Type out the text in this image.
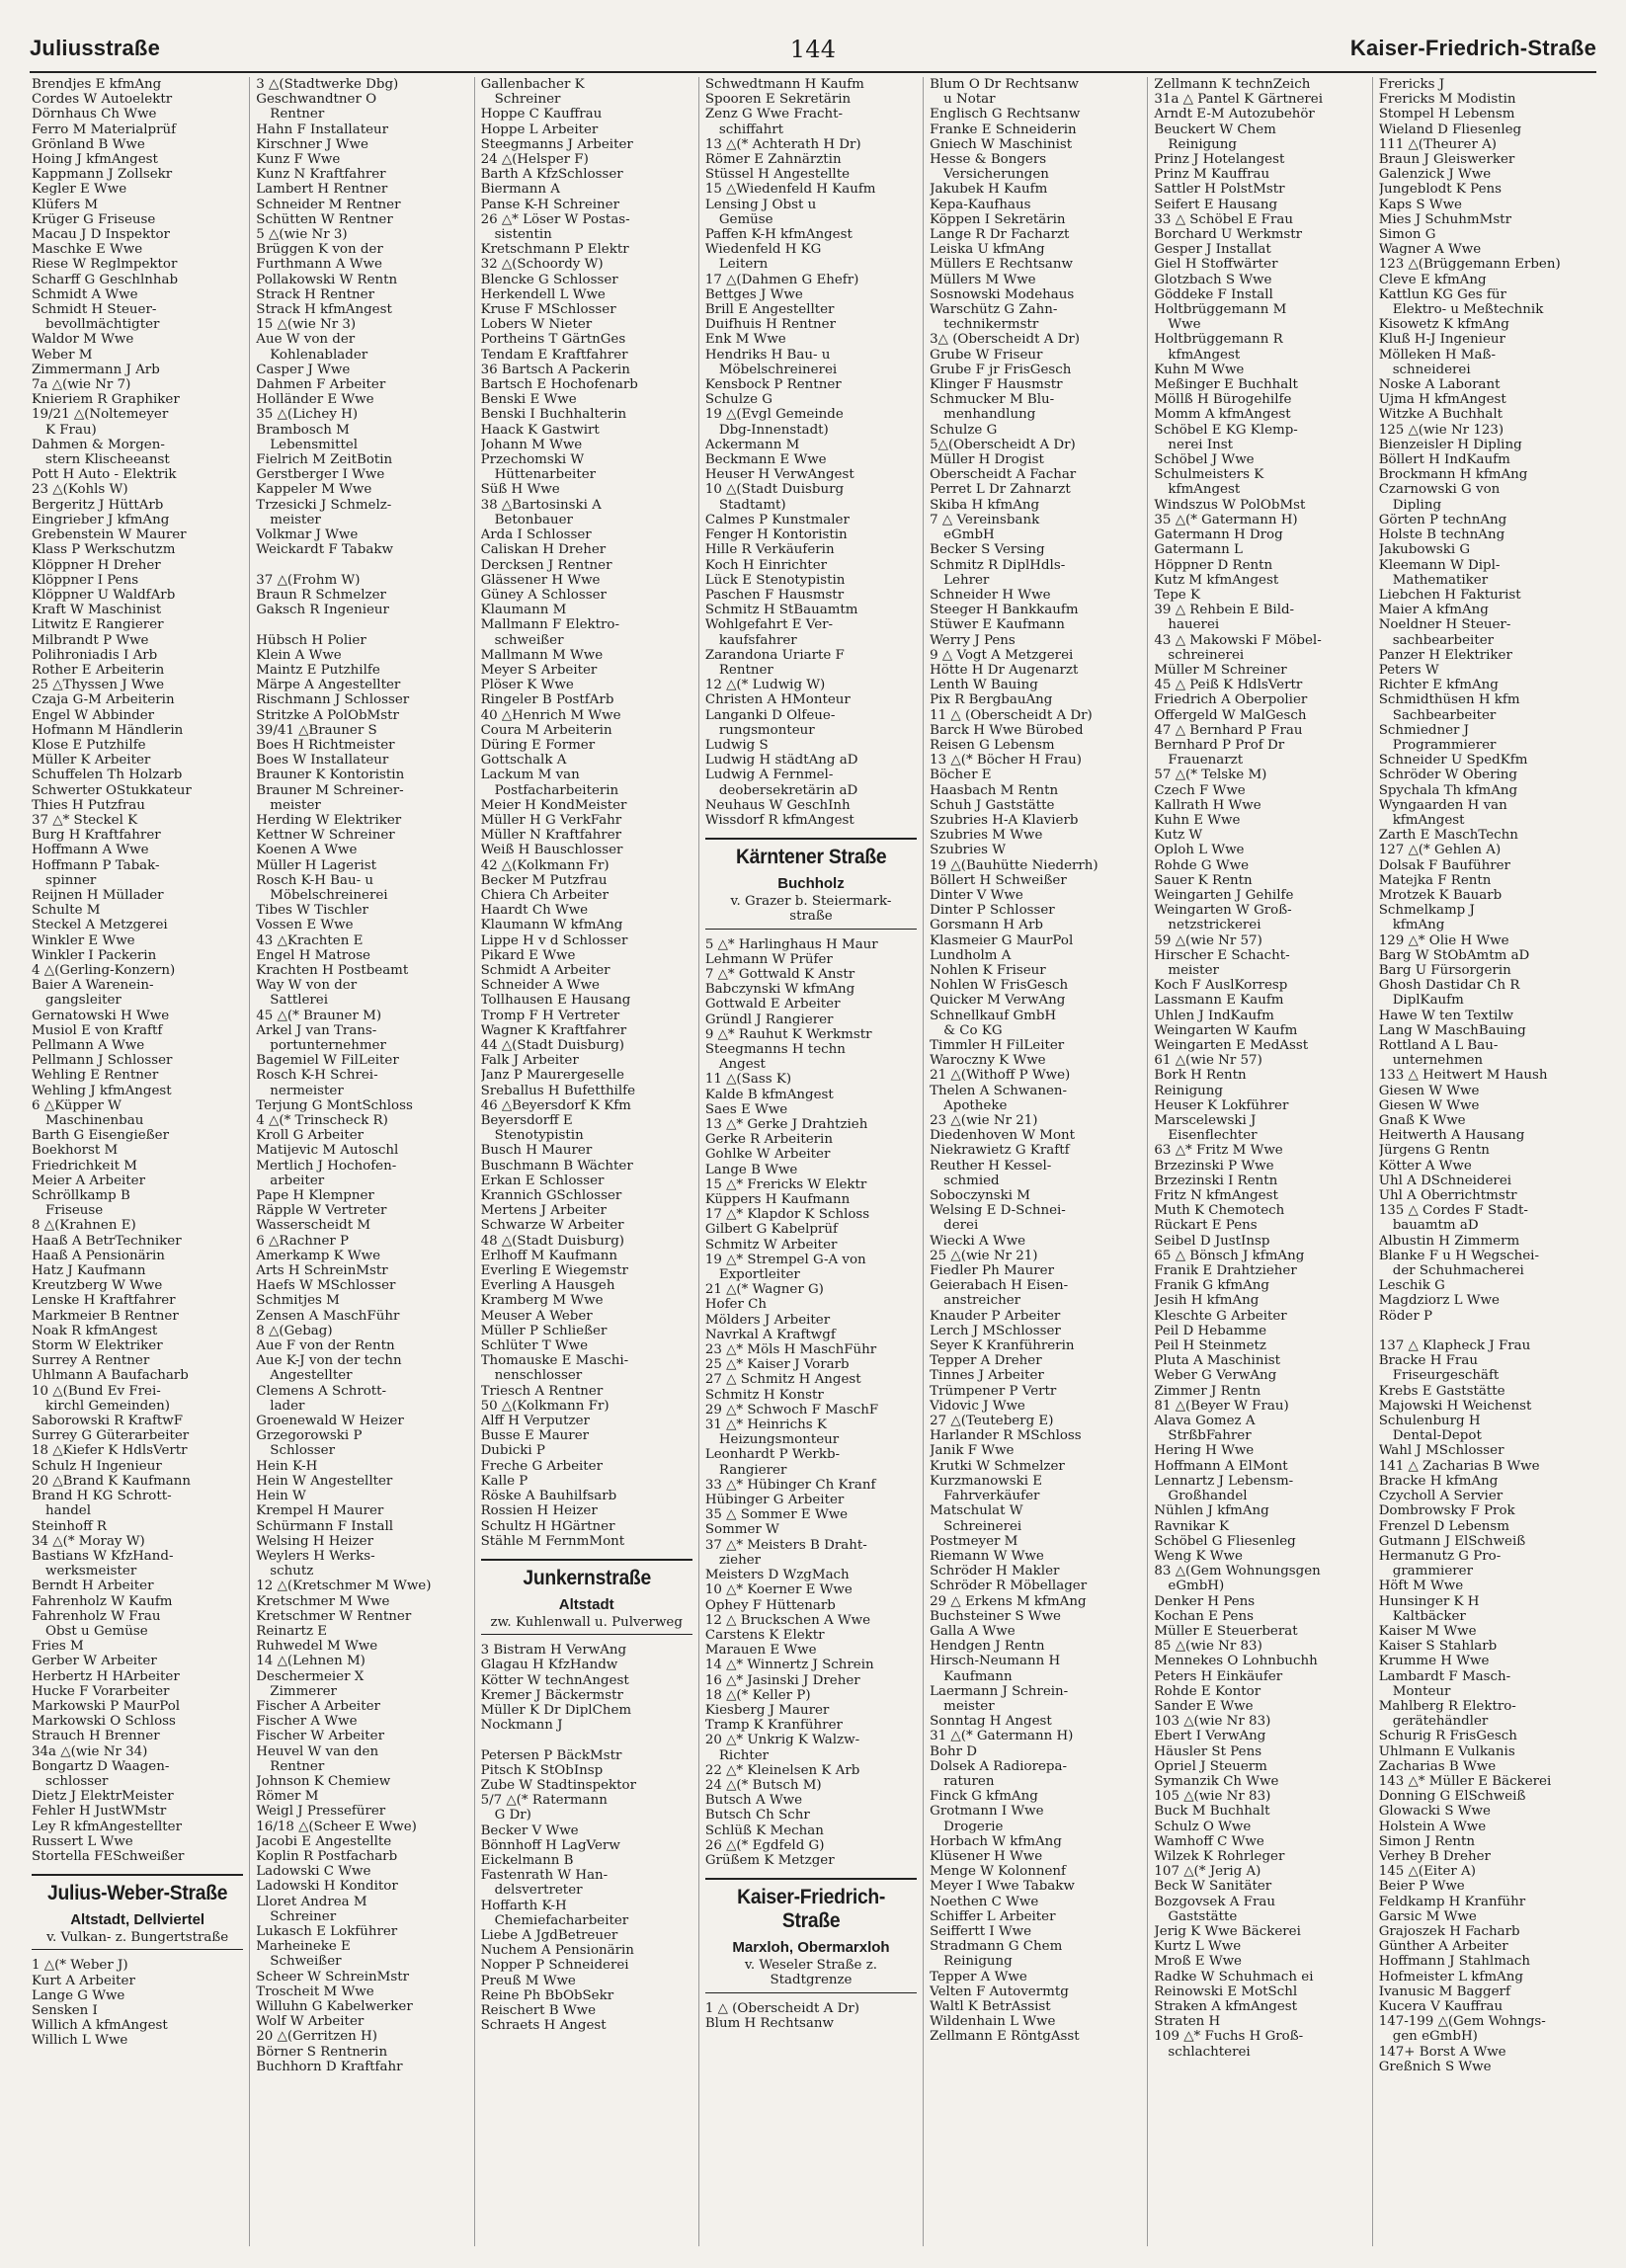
Juliusstraße	144	Kaiser-Friedrich-Straße
Brendjes E kfmAng
Cordes W Autoelektr
Dörnhaus Ch Wwe
Ferro M Materialprüf
Grönland B Wwe
Hoing J kfmAngest
Kappmann J Zollsekr
Kegler E Wwe
Klüfers M
Krüger G Friseuse
Macau J D Inspektor
Maschke E Wwe
Riese W Reglmpektor
Scharff G Geschlnhab
Schmidt A Wwe
Schmidt H Steuer-
bevollmächtigter
Waldor M Wwe
Weber M
Zimmermann J Arb
7a △(wie Nr 7)
Knieriem R Graphiker
19/21 △(Noltemeyer
K Frau)
Dahmen & Morgen-
stern Klischeeanst
Pott H Auto - Elektrik
23 △(Kohls W)
Bergeritz J HüttArb
Eingrieber J kfmAng
Grebenstein W Maurer
Klass P Werkschutzm
Klöppner H Dreher
Klöppner I Pens
Klöppner U WaldfArb
Kraft W Maschinist
Litwitz E Rangierer
Milbrandt P Wwe
Polihroniadis I Arb
Rother E Arbeiterin
25 △Thyssen J Wwe
Czaja G-M Arbeiterin
Engel W Abbinder
Hofmann M Händlerin
Klose E Putzhilfe
Müller K Arbeiter
Schuffelen Th Holzarb
Schwerter OStukkateur
Thies H Putzfrau
37 △* Steckel K
Burg H Kraftfahrer
Hoffmann A Wwe
Hoffmann P Tabak-
spinner
Reijnen H Müllader
Schulte M
Steckel A Metzgerei
Winkler E Wwe
Winkler I Packerin
4 △(Gerling-Konzern)
Baier A Warenein-
gangsleiter
Gernatowski H Wwe
Musiol E von Kraftf
Pellmann A Wwe
Pellmann J Schlosser
Wehling E Rentner
Wehling J kfmAngest
6 △Küpper W
Maschinenbau
Barth G Eisengießer
Boekhorst M
Friedrichkeit M
Meier A Arbeiter
Schröllkamp B
Friseuse
8 △(Krahnen E)
Haaß A BetrTechniker
Haaß A Pensionärin
Hatz J Kaufmann
Kreutzberg W Wwe
Lenske H Kraftfahrer
Markmeier B Rentner
Noak R kfmAngest
Storm W Elektriker
Surrey A Rentner
Uhlmann A Baufacharb
10 △(Bund Ev Frei-
kirchl Gemeinden)
Saborowski R KraftwF
Surrey G Güterarbeiter
18 △Kiefer K HdlsVertr
Schulz H Ingenieur
20 △Brand K Kaufmann
Brand H KG Schrott-
handel
Steinhoff R
34 △(* Moray W)
Bastians W KfzHand-
werksmeister
Berndt H Arbeiter
Fahrenholz W Kaufm
Fahrenholz W Frau
Obst u Gemüse
Fries M
Gerber W Arbeiter
Herbertz H HArbeiter
Hucke F Vorarbeiter
Markowski P MaurPol
Markowski O Schloss
Strauch H Brenner
34a △(wie Nr 34)
Bongartz D Waagen-
schlosser
Dietz J ElektrMeister
Fehler H JustWMstr
Ley R kfmAngestellter
Russert L Wwe
Stortella FESchweißer
Julius-Weber-Straße
Altstadt, Dellviertel
v. Vulkan- z. Bungertstraße
1 △(* Weber J)
Kurt A Arbeiter
Lange G Wwe
Sensken I
Willich A kfmAngest
Willich L Wwe
3 △(Stadtwerke Dbg)
Geschwandtner O
Rentner
Hahn F Installateur
Kirschner J Wwe
Kunz F Wwe
Kunz N Kraftfahrer
Lambert H Rentner
Schneider M Rentner
Schütten W Rentner
5 △(wie Nr 3)
Brüggen K von der
Furthmann A Wwe
Pollakowski W Rentn
Strack H Rentner
Strack H kfmAngest
15 △(wie Nr 3)
Aue W von der
Kohlenablader
Casper J Wwe
Dahmen F Arbeiter
Holländer E Wwe
35 △(Lichey H)
Brambosch M
Lebensmittel
Fielrich M ZeitBotin
Gerstberger I Wwe
Kappeler M Wwe
Trzesicki J Schmelz-
meister
Volkmar J Wwe
Weickardt F Tabakw

37 △(Frohm W)
Braun R Schmelzer
Gaksch R Ingenieur

Hübsch H Polier
Klein A Wwe
Maintz E Putzhilfe
Märpe A Angestellter
Rischmann J Schlosser
Stritzke A PolObMstr
39/41 △Brauner S
Boes H Richtmeister
Boes W Installateur
Brauner K Kontoristin
Brauner M Schreiner-
meister
Herding W Elektriker
Kettner W Schreiner
Koenen A Wwe
Müller H Lagerist
Rosch K-H Bau- u
Möbelschreinerei
Tibes W Tischler
Vossen E Wwe
43 △Krachten E
Engel H Matrose
Krachten H Postbeamt
Way W von der
Sattlerei
45 △(* Brauner M)
Arkel J van Trans-
portunternehmer
Bagemiel W FilLeiter
Rosch K-H Schrei-
nermeister
Terjung G MontSchloss
4 △(* Trinscheck R)
Kroll G Arbeiter
Matijevic M Autoschl
Mertlich J Hochofen-
arbeiter
Pape H Klempner
Räpple W Vertreter
Wasserscheidt M
6 △Rachner P
Amerkamp K Wwe
Arts H SchreinMstr
Haefs W MSchlosser
Schmitjes M
Zensen A MaschFühr
8 △(Gebag)
Aue F von der Rentn
Aue K-J von der techn
Angestellter
Clemens A Schrott-
lader
Groenewald W Heizer
Grzegorowski P
Schlosser
Hein K-H
Hein W Angestellter
Hein W
Krempel H Maurer
Schürmann F Install
Welsing H Heizer
Weylers H Werks-
schutz
12 △(Kretschmer M Wwe)
Kretschmer M Wwe
Kretschmer W Rentner
Reinartz E
Ruhwedel M Wwe
14 △(Lehnen M)
Deschermeier X
Zimmerer
Fischer A Arbeiter
Fischer A Wwe
Fischer W Arbeiter
Heuvel W van den
Rentner
Johnson K Chemiew
Römer M
Weigl J Pressefürer
16/18 △(Scheer E Wwe)
Jacobi E Angestellte
Koplin R Postfacharb
Ladowski C Wwe
Ladowski H Konditor
Lloret Andrea M
Schreiner
Lukasch E Lokführer
Marheineke E
Schweißer
Scheer W SchreinMstr
Troscheit M Wwe
Willuhn G Kabelwerker
Wolf W Arbeiter
20 △(Gerritzen H)
Börner S Rentnerin
Buchhorn D Kraftfahr
Gallenbacher K
Schreiner
Hoppe C Kauffrau
Hoppe L Arbeiter
Steegmanns J Arbeiter
24 △(Helsper F)
Barth A KfzSchlosser
Biermann A
Panse K-H Schreiner
26 △* Löser W Postas-
sistentin
Kretschmann P Elektr
32 △(Schoordy W)
Blencke G Schlosser
Herkendell L Wwe
Kruse F MSchlosser
Lobers W Nieter
Portheins T GärtnGes
Tendam E Kraftfahrer
36 Bartsch A Packerin
Bartsch E Hochofenarb
Benski E Wwe
Benski I Buchhalterin
Haack K Gastwirt
Johann M Wwe
Przechomski W
Hüttenarbeiter
Süß H Wwe
38 △Bartosinski A
Betonbauer
Arda I Schlosser
Caliskan H Dreher
Dercksen J Rentner
Glässener H Wwe
Güney A Schlosser
Klaumann M
Mallmann F Elektro-
schweißer
Mallmann M Wwe
Meyer S Arbeiter
Plöser K Wwe
Ringeler B PostfArb
40 △Henrich M Wwe
Coura M Arbeiterin
Düring E Former
Gottschalk A
Lackum M van
Postfacharbeiterin
Meier H KondMeister
Müller H G VerkFahr
Müller N Kraftfahrer
Weiß H Bauschlosser
42 △(Kolkmann Fr)
Becker M Putzfrau
Chiera Ch Arbeiter
Haardt Ch Wwe
Klaumann W kfmAng
Lippe H v d Schlosser
Pikard E Wwe
Schmidt A Arbeiter
Schneider A Wwe
Tollhausen E Hausang
Tromp F H Vertreter
Wagner K Kraftfahrer
44 △(Stadt Duisburg)
Falk J Arbeiter
Janz P Maurergeselle
Sreballus H Bufetthilfe
46 △Beyersdorf K Kfm
Beyersdorff E
Stenotypistin
Busch H Maurer
Buschmann B Wächter
Erkan E Schlosser
Krannich GSchlosser
Mertens J Arbeiter
Schwarze W Arbeiter
48 △(Stadt Duisburg)
Erlhoff M Kaufmann
Everling E Wiegemstr
Everling A Hausgeh
Kramberg M Wwe
Meuser A Weber
Müller P Schließer
Schlüter T Wwe
Thomauske E Maschi-
nenschlosser
Triesch A Rentner
50 △(Kolkmann Fr)
Alff H Verputzer
Busse E Maurer
Dubicki P
Freche G Arbeiter
Kalle P
Röske A Bauhilfsarb
Rossien H Heizer
Schultz H HGärtner
Stähle M FernmMont
Junkernstraße
Altstadt
zw. Kuhlenwall u. Pulverweg
3 Bistram H VerwAng
Glagau H KfzHandw
Kötter W technAngest
Kremer J Bäckermstr
Müller K Dr DiplChem
Nockmann J

Petersen P BäckMstr
Pitsch K StObInsp
Zube W Stadtinspektor
5/7 △(* Ratermann
G Dr)
Becker V Wwe
Bönnhoff H LagVerw
Eickelmann B
Fastenrath W Han-
delsvertreter
Hoffarth K-H
Chemiefacharbeiter
Liebe A JgdBetreuer
Nuchem A Pensionärin
Nopper P Schneiderei
Preuß M Wwe
Reine Ph BbObSekr
Reischert B Wwe
Schraets H Angest
Schwedtmann H Kaufm
Spooren E Sekretärin
Zenz G Wwe Fracht-
schiffahrt
13 △(* Achterath H Dr)
Römer E Zahnärztin
Stüssel H Angestellte
15 △Wiedenfeld H Kaufm
Lensing J Obst u
Gemüse
Paffen K-H kfmAngest
Wiedenfeld H KG
Leitern
17 △(Dahmen G Ehefr)
Bettges J Wwe
Brill E Angestellter
Duifhuis H Rentner
Enk M Wwe
Hendriks H Bau- u
Möbelschreinerei
Kensbock P Rentner
Schulze G
19 △(Evgl Gemeinde
Dbg-Innenstadt)
Ackermann M
Beckmann E Wwe
Heuser H VerwAngest
10 △(Stadt Duisburg
Stadtamt)
Calmes P Kunstmaler
Fenger H Kontoristin
Hille R Verkäuferin
Koch H Einrichter
Lück E Stenotypistin
Paschen F Hausmstr
Schmitz H StBauamtm
Wohlgefahrt E Ver-
kaufsfahrer
Zarandona Uriarte F
Rentner
12 △(* Ludwig W)
Christen A HMonteur
Langanki D Ölfeue-
rungsmonteur
Ludwig S
Ludwig H städtAng aD
Ludwig A Fernmel-
deobersekretärin aD
Neuhaus W GeschInh
Wissdorf R kfmAngest
Kärntener Straße
Buchholz
v. Grazer b. Steiermark-
straße
5 △* Harlinghaus H Maur
Lehmann W Prüfer
7 △* Gottwald K Anstr
Babczynski W kfmAng
Gottwald E Arbeiter
Gründl J Rangierer
9 △* Rauhut K Werkmstr
Steegmanns H techn
Angest
11 △(Sass K)
Kalde B kfmAngest
Saes E Wwe
13 △* Gerke J Drahtzieh
Gerke R Arbeiterin
Gohlke W Arbeiter
Lange B Wwe
15 △* Frericks W Elektr
Küppers H Kaufmann
17 △* Klapdor K Schloss
Gilbert G Kabelprüf
Schmitz W Arbeiter
19 △* Strempel G-A von
Exportleiter
21 △(* Wagner G)
Hofer Ch
Mölders J Arbeiter
Navrkal A Kraftwgf
23 △* Möls H MaschFühr
25 △* Kaiser J Vorarb
27 △ Schmitz H Angest
Schmitz H Konstr
29 △* Schwoch F MaschF
31 △* Heinrichs K
Heizungsmonteur
Leonhardt P Werkb-
Rangierer
33 △* Hübinger Ch Kranf
Hübinger G Arbeiter
35 △ Sommer E Wwe
Sommer W
37 △* Meisters B Draht-
zieher
Meisters D WzgMach
10 △* Koerner E Wwe
Ophey F Hüttenarb
12 △ Bruckschen A Wwe
Carstens K Elektr
Marauen E Wwe
14 △* Winnertz J Schrein
16 △* Jasinski J Dreher
18 △(* Keller P)
Kiesberg J Maurer
Tramp K Kranführer
20 △* Unkrig K Walzw-
Richter
22 △* Kleinelsen K Arb
24 △(* Butsch M)
Butsch A Wwe
Butsch Ch Schr
Schlüß K Mechan
26 △(* Egdfeld G)
Grüßem K Metzger
Kaiser-Friedrich-Straße
Marxloh, Obermarxloh
v. Weseler Straße z.
Stadtgrenze
1 △ (Oberscheidt A Dr)
Blum H Rechtsanw
Blum O Dr Rechtsanw
u Notar
Englisch G Rechtsanw
Franke E Schneiderin
Gniech W Maschinist
Hesse & Bongers
Versicherungen
Jakubek H Kaufm
Kepa-Kaufhaus
Köppen I Sekretärin
Lange R Dr Facharzt
Leiska U kfmAng
Müllers E Rechtsanw
Müllers M Wwe
Sosnowski Modehaus
Warschütz G Zahn-
technikermstr
3△ (Oberscheidt A Dr)
Grube W Friseur
Grube F jr FrisGesch
Klinger F Hausmstr
Schmucker M Blu-
menhandlung
Schulze G
5△(Oberscheidt A Dr)
Müller H Drogist
Oberscheidt A Fachar
Perret L Dr Zahnarzt
Skiba H kfmAng
7 △ Vereinsbank
eGmbH
Becker S Versing
Schmitz R DiplHdls-
Lehrer
Schneider H Wwe
Steeger H Bankkaufm
Stüwer E Kaufmann
Werry J Pens
9 △ Vogt A Metzgerei
Hötte H Dr Augenarzt
Lenth W Bauing
Pix R BergbauAng
11 △ (Oberscheidt A Dr)
Barck H Wwe Bürobed
Reisen G Lebensm
13 △(* Böcher H Frau)
Böcher E
Haasbach M Rentn
Schuh J Gaststätte
Szubries H-A Klavierb
Szubries M Wwe
Szubries W
19 △(Bauhütte Niederrh)
Böllert H Schweißer
Dinter V Wwe
Dinter P Schlosser
Gorsmann H Arb
Klasmeier G MaurPol
Lundholm A
Nohlen K Friseur
Nohlen W FrisGesch
Quicker M VerwAng
Schnellkauf GmbH
& Co KG
Timmler H FilLeiter
Waroczny K Wwe
21 △(Withoff P Wwe)
Thelen A Schwanen-
Apotheke
23 △(wie Nr 21)
Diedenhoven W Mont
Niekrawietz G Kraftf
Reuther H Kessel-
schmied
Soboczynski M
Welsing E D-Schnei-
derei
Wiecki A Wwe
25 △(wie Nr 21)
Fiedler Ph Maurer
Geierabach H Eisen-
anstreicher
Knauder P Arbeiter
Lerch J MSchlosser
Seyer K Kranführerin
Tepper A Dreher
Tinnes J Arbeiter
Trümpener P Vertr
Vidovic J Wwe
27 △(Teuteberg E)
Harlander R MSchloss
Janik F Wwe
Krutki W Schmelzer
Kurzmanowski E
Fahrverkäufer
Matschulat W
Schreinerei
Postmeyer M
Riemann W Wwe
Schröder H Makler
Schröder R Möbellager
29 △ Erkens M kfmAng
Buchsteiner S Wwe
Galla A Wwe
Hendgen J Rentn
Hirsch-Neumann H
Kaufmann
Laermann J Schrein-
meister
Sonntag H Angest
31 △(* Gatermann H)
Bohr D
Dolsek A Radiorepa-
raturen
Finck G kfmAng
Grotmann I Wwe
Drogerie
Horbach W kfmAng
Klüsener H Wwe
Menge W Kolonnenf
Meyer I Wwe Tabakw
Noethen C Wwe
Schiffer L Arbeiter
Seiffertt I Wwe
Stradmann G Chem
Reinigung
Tepper A Wwe
Velten F Autovermtg
Waltl K BetrAssist
Wildenhain L Wwe
Zellmann E RöntgAsst
Zellmann K technZeich
31a △ Pantel K Gärtnerei
Arndt E-M Autozubehör
Beuckert W Chem
Reinigung
Prinz J Hotelangest
Prinz M Kauffrau
Sattler H PolstMstr
Seifert E Hausang
33 △ Schöbel E Frau
Borchard U Werkmstr
Gesper J Installat
Giel H Stoffwärter
Glotzbach S Wwe
Göddeke F Install
Holtbrüggemann M
Wwe
Holtbrüggemann R
kfmAngest
Kuhn M Wwe
Meßinger E Buchhalt
Möllß H Bürogehilfe
Momm A kfmAngest
Schöbel E KG Klemp-
nerei Inst
Schöbel J Wwe
Schulmeisters K
kfmAngest
Windszus W PolObMst
35 △(* Gatermann H)
Gatermann H Drog
Gatermann L
Höppner D Rentn
Kutz M kfmAngest
Tepe K
39 △ Rehbein E Bild-
hauerei
43 △ Makowski F Möbel-
schreinerei
Müller M Schreiner
45 △ Peiß K HdlsVertr
Friedrich A Oberpolier
Offergeld W MalGesch
47 △ Bernhard P Frau
Bernhard P Prof Dr
Frauenarzt
57 △(* Telske M)
Czech F Wwe
Kallrath H Wwe
Kuhn E Wwe
Kutz W
Oploh L Wwe
Rohde G Wwe
Sauer K Rentn
Weingarten J Gehilfe
Weingarten W Groß-
netzstrickerei
59 △(wie Nr 57)
Hirscher E Schacht-
meister
Koch F AuslKorresp
Lassmann E Kaufm
Uhlen J IndKaufm
Weingarten W Kaufm
Weingarten E MedAsst
61 △(wie Nr 57)
Bork H Rentn
Reinigung
Heuser K Lokführer
Marscelewski J
Eisenflechter
63 △* Fritz M Wwe
Brzezinski P Wwe
Brzezinski I Rentn
Fritz N kfmAngest
Muth K Chemotech
Rückart E Pens
Seibel D JustInsp
65 △ Bönsch J kfmAng
Franik E Drahtzieher
Franik G kfmAng
Jesih H kfmAng
Kleschte G Arbeiter
Peil D Hebamme
Peil H Steinmetz
Pluta A Maschinist
Weber G VerwAng
Zimmer J Rentn
81 △(Beyer W Frau)
Alava Gomez A
StrßbFahrer
Hering H Wwe
Hoffmann A ElMont
Lennartz J Lebensm-
Großhandel
Nühlen J kfmAng
Ravnikar K
Schöbel G Fliesenleg
Weng K Wwe
83 △(Gem Wohnungsgen
eGmbH)
Denker H Pens
Kochan E Pens
Müller E Steuerberat
85 △(wie Nr 83)
Mennekes O Lohnbuchh
Peters H Einkäufer
Rohde E Kontor
Sander E Wwe
103 △(wie Nr 83)
Ebert I VerwAng
Häusler St Pens
Opriel J Steuerm
Symanzik Ch Wwe
105 △(wie Nr 83)
Buck M Buchhalt
Schulz O Wwe
Wamhoff C Wwe
Wilzek K Rohrleger
107 △(* Jerig A)
Beck W Sanitäter
Bozgovsek A Frau
Gaststätte
Jerig K Wwe Bäckerei
Kurtz L Wwe
Mroß E Wwe
Radke W Schuhmach ei
Reinowski E MotSchl
Straken A kfmAngest
Straten H
109 △* Fuchs H Groß-
schlachterei
Frericks J
Frericks M Modistin
Stompel H Lebensm
Wieland D Fliesenleg
111 △(Theurer A)
Braun J Gleiswerker
Galenzick J Wwe
Jungeblodt K Pens
Kaps S Wwe
Mies J SchuhmMstr
Simon G
Wagner A Wwe
123 △(Brüggemann Erben)
Cleve E kfmAng
Kattlun KG Ges für
Elektro- u Meßtechnik
Kisowetz K kfmAng
Kluß H-J Ingenieur
Mölleken H Maß-
schneiderei
Noske A Laborant
Ujma H kfmAngest
Witzke A Buchhalt
125 △(wie Nr 123)
Bienzeisler H Dipling
Böllert H IndKaufm
Brockmann H kfmAng
Czarnowski G von
Dipling
Görten P technAng
Holste B technAng
Jakubowski G
Kleemann W Dipl-
Mathematiker
Liebchen H Fakturist
Maier A kfmAng
Noeldner H Steuer-
sachbearbeiter
Panzer H Elektriker
Peters W
Richter E kfmAng
Schmidthüsen H kfm
Sachbearbeiter
Schmiedner J
Programmierer
Schneider U SpedKfm
Schröder W Obering
Spychala Th kfmAng
Wyngaarden H van
kfmAngest
Zarth E MaschTechn
127 △(* Gehlen A)
Dolsak F Bauführer
Matejka F Rentn
Mrotzek K Bauarb
Schmelkamp J
kfmAng
129 △* Olie H Wwe
Barg W StObAmtm aD
Barg U Fürsorgerin
Ghosh Dastidar Ch R
DiplKaufm
Hawe W ten Textilw
Lang W MaschBauing
Rottland A L Bau-
unternehmen
133 △ Heitwert M Haush
Giesen W Wwe
Giesen W Wwe
Gnaß K Wwe
Heitwerth A Hausang
Jürgens G Rentn
Kötter A Wwe
Uhl A DSchneiderei
Uhl A Oberrichtmstr
135 △ Cordes F Stadt-
bauamtm aD
Albustin H Zimmerm
Blanke F u H Wegschei-
der Schuhmacherei
Leschik G
Magdziorz L Wwe
Röder P

137 △ Klapheck J Frau
Bracke H Frau
Friseurgeschäft
Krebs E Gaststätte
Majowski H Weichenst
Schulenburg H
Dental-Depot
Wahl J MSchlosser
141 △ Zacharias B Wwe
Bracke H kfmAng
Czycholl A Servier
Dombrowsky F Prok
Frenzel D Lebensm
Gutmann J ElSchweiß
Hermanutz G Pro-
grammierer
Höft M Wwe
Hunsinger K H
Kaltbäcker
Kaiser M Wwe
Kaiser S Stahlarb
Krumme H Wwe
Lambardt F Masch-
Monteur
Mahlberg R Elektro-
gerätehändler
Schurig R FrisGesch
Uhlmann E Vulkanis
Zacharias B Wwe
143 △* Müller E Bäckerei
Donning G ElSchweiß
Glowacki S Wwe
Holstein A Wwe
Simon J Rentn
Verhey B Dreher
145 △(Eiter A)
Beier P Wwe
Feldkamp H Kranführ
Garsic M Wwe
Grajoszek H Facharb
Günther A Arbeiter
Hoffmann J Stahlmach
Hofmeister L kfmAng
Ivanusic M Baggerf
Kucera V Kauffrau
147-199 △(Gem Wohngs-
gen eGmbH)
147+ Borst A Wwe
Greßnich S Wwe
